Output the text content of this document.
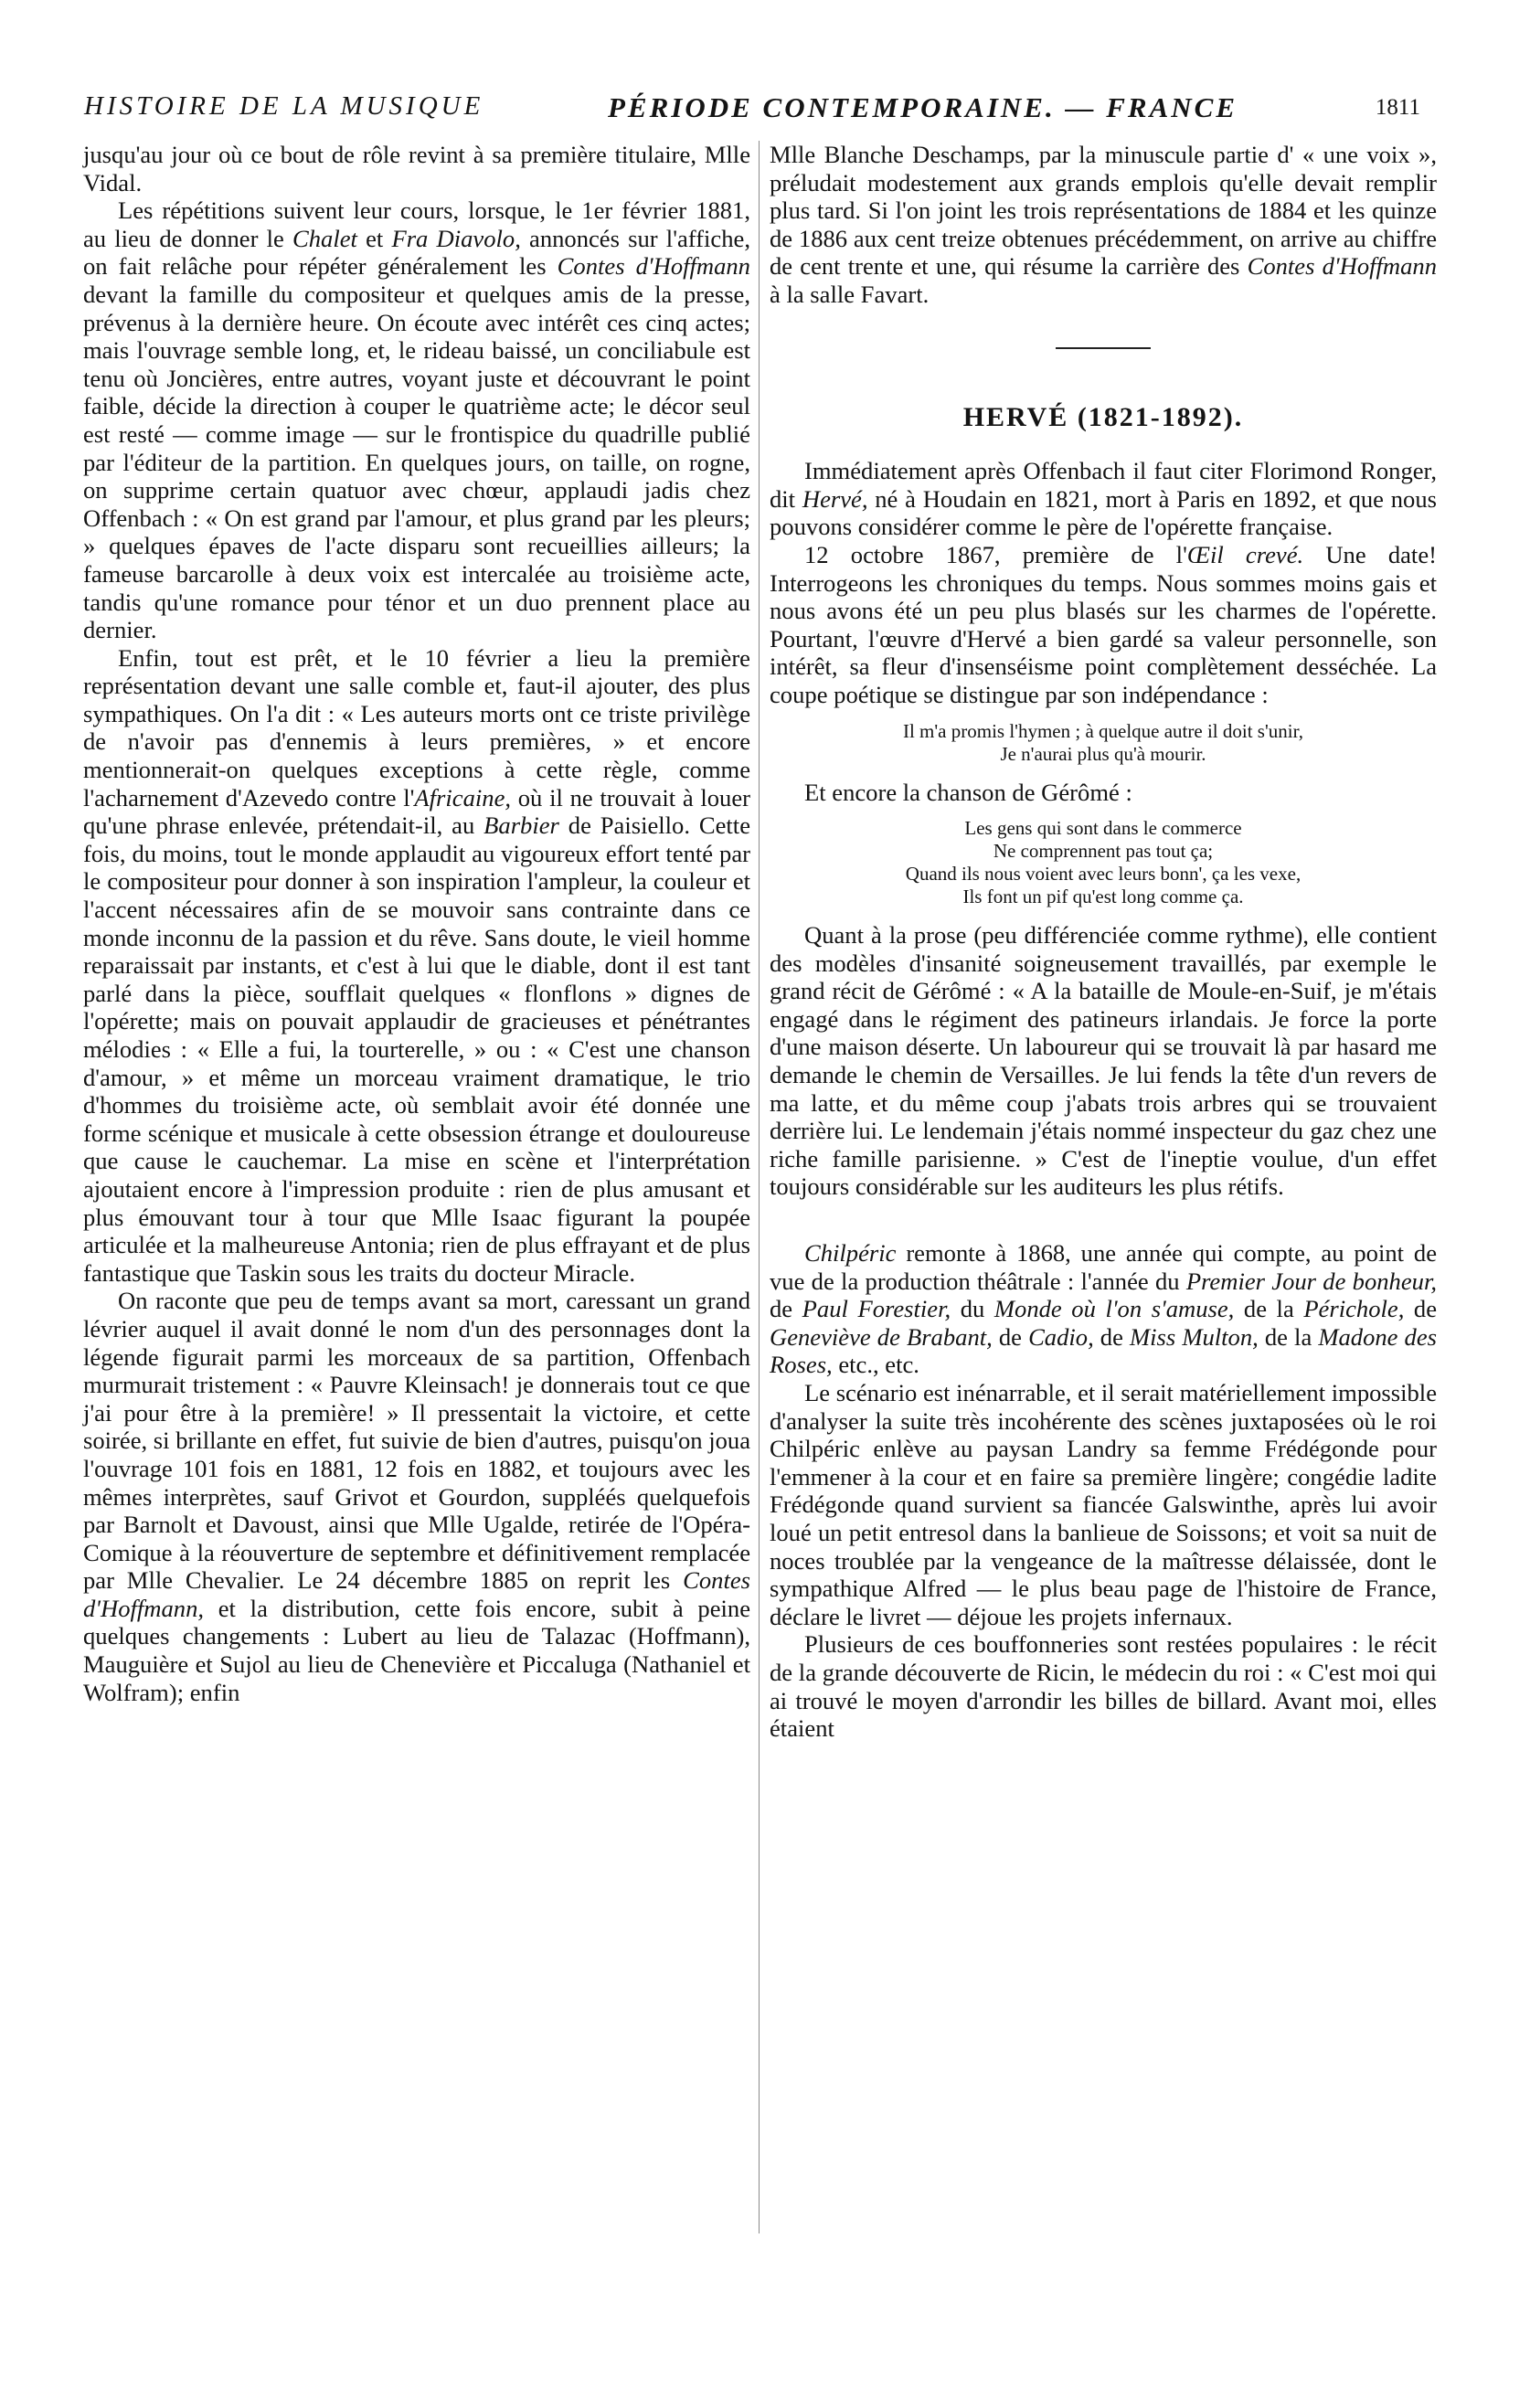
HISTOIRE DE LA MUSIQUE	PÉRIODE CONTEMPORAINE. — FRANCE	1811

jusqu'au jour où ce bout de rôle revint à sa première titulaire, Mlle Vidal.

Les répétitions suivent leur cours, lorsque, le 1er février 1881, au lieu de donner le Chalet et Fra Diavolo, annoncés sur l'affiche, on fait relâche pour répéter généralement les Contes d'Hoffmann devant la famille du compositeur et quelques amis de la presse, prévenus à la dernière heure. On écoute avec intérêt ces cinq actes; mais l'ouvrage semble long, et, le rideau baissé, un conciliabule est tenu où Joncières, entre autres, voyant juste et découvrant le point faible, décide la direction à couper le quatrième acte; le décor seul est resté — comme image — sur le frontispice du quadrille publié par l'éditeur de la partition. En quelques jours, on taille, on rogne, on supprime certain quatuor avec chœur, applaudi jadis chez Offenbach : « On est grand par l'amour, et plus grand par les pleurs; » quelques épaves de l'acte disparu sont recueillies ailleurs; la fameuse barcarolle à deux voix est intercalée au troisième acte, tandis qu'une romance pour ténor et un duo prennent place au dernier.

Enfin, tout est prêt, et le 10 février a lieu la première représentation devant une salle comble et, faut-il ajouter, des plus sympathiques. On l'a dit : « Les auteurs morts ont ce triste privilège de n'avoir pas d'ennemis à leurs premières, » et encore mentionnerait-on quelques exceptions à cette règle, comme l'acharnement d'Azevedo contre l'Africaine, où il ne trouvait à louer qu'une phrase enlevée, prétendait-il, au Barbier de Paisiello. Cette fois, du moins, tout le monde applaudit au vigoureux effort tenté par le compositeur pour donner à son inspiration l'ampleur, la couleur et l'accent nécessaires afin de se mouvoir sans contrainte dans ce monde inconnu de la passion et du rêve. Sans doute, le vieil homme reparaissait par instants, et c'est à lui que le diable, dont il est tant parlé dans la pièce, soufflait quelques « flonflons » dignes de l'opérette; mais on pouvait applaudir de gracieuses et pénétrantes mélodies : « Elle a fui, la tourterelle, » ou : « C'est une chanson d'amour, » et même un morceau vraiment dramatique, le trio d'hommes du troisième acte, où semblait avoir été donnée une forme scénique et musicale à cette obsession étrange et douloureuse que cause le cauchemar. La mise en scène et l'interprétation ajoutaient encore à l'impression produite : rien de plus amusant et plus émouvant tour à tour que Mlle Isaac figurant la poupée articulée et la malheureuse Antonia; rien de plus effrayant et de plus fantastique que Taskin sous les traits du docteur Miracle.

On raconte que peu de temps avant sa mort, caressant un grand lévrier auquel il avait donné le nom d'un des personnages dont la légende figurait parmi les morceaux de sa partition, Offenbach murmurait tristement : « Pauvre Kleinsach! je donnerais tout ce que j'ai pour être à la première! » Il pressentait la victoire, et cette soirée, si brillante en effet, fut suivie de bien d'autres, puisqu'on joua l'ouvrage 101 fois en 1881, 12 fois en 1882, et toujours avec les mêmes interprètes, sauf Grivot et Gourdon, suppléés quelquefois par Barnolt et Davoust, ainsi que Mlle Ugalde, retirée de l'Opéra-Comique à la réouverture de septembre et définitivement remplacée par Mlle Chevalier. Le 24 décembre 1885 on reprit les Contes d'Hoffmann, et la distribution, cette fois encore, subit à peine quelques changements : Lubert au lieu de Talazac (Hoffmann), Mauguière et Sujol au lieu de Chenevière et Piccaluga (Nathaniel et Wolfram); enfin

Mlle Blanche Deschamps, par la minuscule partie d' « une voix », préludait modestement aux grands emplois qu'elle devait remplir plus tard. Si l'on joint les trois représentations de 1884 et les quinze de 1886 aux cent treize obtenues précédemment, on arrive au chiffre de cent trente et une, qui résume la carrière des Contes d'Hoffmann à la salle Favart.

HERVÉ (1821-1892).

Immédiatement après Offenbach il faut citer Florimond Ronger, dit Hervé, né à Houdain en 1821, mort à Paris en 1892, et que nous pouvons considérer comme le père de l'opérette française.

12 octobre 1867, première de l'Œil crevé. Une date! Interrogeons les chroniques du temps. Nous sommes moins gais et nous avons été un peu plus blasés sur les charmes de l'opérette. Pourtant, l'œuvre d'Hervé a bien gardé sa valeur personnelle, son intérêt, sa fleur d'insenséisme point complètement desséchée. La coupe poétique se distingue par son indépendance :

Il m'a promis l'hymen ; à quelque autre il doit s'unir,
Je n'aurai plus qu'à mourir.

Et encore la chanson de Gérômé :

Les gens qui sont dans le commerce
Ne comprennent pas tout ça;
Quand ils nous voient avec leurs bonn', ça les vexe,
Ils font un pif qu'est long comme ça.

Quant à la prose (peu différenciée comme rythme), elle contient des modèles d'insanité soigneusement travaillés, par exemple le grand récit de Gérômé : « A la bataille de Moule-en-Suif, je m'étais engagé dans le régiment des patineurs irlandais. Je force la porte d'une maison déserte. Un laboureur qui se trouvait là par hasard me demande le chemin de Versailles. Je lui fends la tête d'un revers de ma latte, et du même coup j'abats trois arbres qui se trouvaient derrière lui. Le lendemain j'étais nommé inspecteur du gaz chez une riche famille parisienne. » C'est de l'ineptie voulue, d'un effet toujours considérable sur les auditeurs les plus rétifs.

Chilpéric remonte à 1868, une année qui compte, au point de vue de la production théâtrale : l'année du Premier Jour de bonheur, de Paul Forestier, du Monde où l'on s'amuse, de la Périchole, de Geneviève de Brabant, de Cadio, de Miss Multon, de la Madone des Roses, etc., etc.

Le scénario est inénarrable, et il serait matériellement impossible d'analyser la suite très incohérente des scènes juxtaposées où le roi Chilpéric enlève au paysan Landry sa femme Frédégonde pour l'emmener à la cour et en faire sa première lingère; congédie ladite Frédégonde quand survient sa fiancée Galswinthe, après lui avoir loué un petit entresol dans la banlieue de Soissons; et voit sa nuit de noces troublée par la vengeance de la maîtresse délaissée, dont le sympathique Alfred — le plus beau page de l'histoire de France, déclare le livret — déjoue les projets infernaux.

Plusieurs de ces bouffonneries sont restées populaires : le récit de la grande découverte de Ricin, le médecin du roi : « C'est moi qui ai trouvé le moyen d'arrondir les billes de billard. Avant moi, elles étaient
